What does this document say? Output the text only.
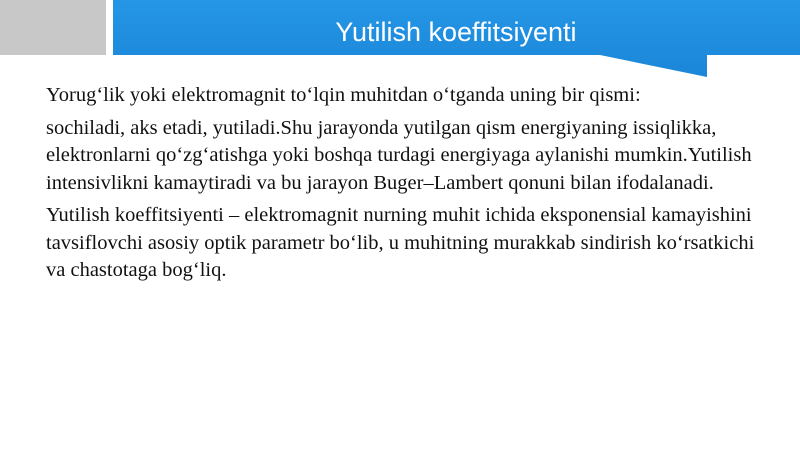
Yutilish koeffitsiyenti

Yorug‘lik yoki elektromagnit to‘lqin muhitdan o‘tganda uning bir qismi:

sochiladi, aks etadi, yutiladi.Shu jarayonda yutilgan qism energiyaning issiqlikka, elektronlarni qo‘zg‘atishga yoki boshqa turdagi energiyaga aylanishi mumkin.Yutilish intensivlikni kamaytiradi va bu jarayon Buger–Lambert qonuni bilan ifodalanadi.

Yutilish koeffitsiyenti – elektromagnit nurning muhit ichida eksponensial kamayishini tavsiflovchi asosiy optik parametr bo‘lib, u muhitning murakkab sindirish ko‘rsatkichi va chastotaga bog‘liq.
